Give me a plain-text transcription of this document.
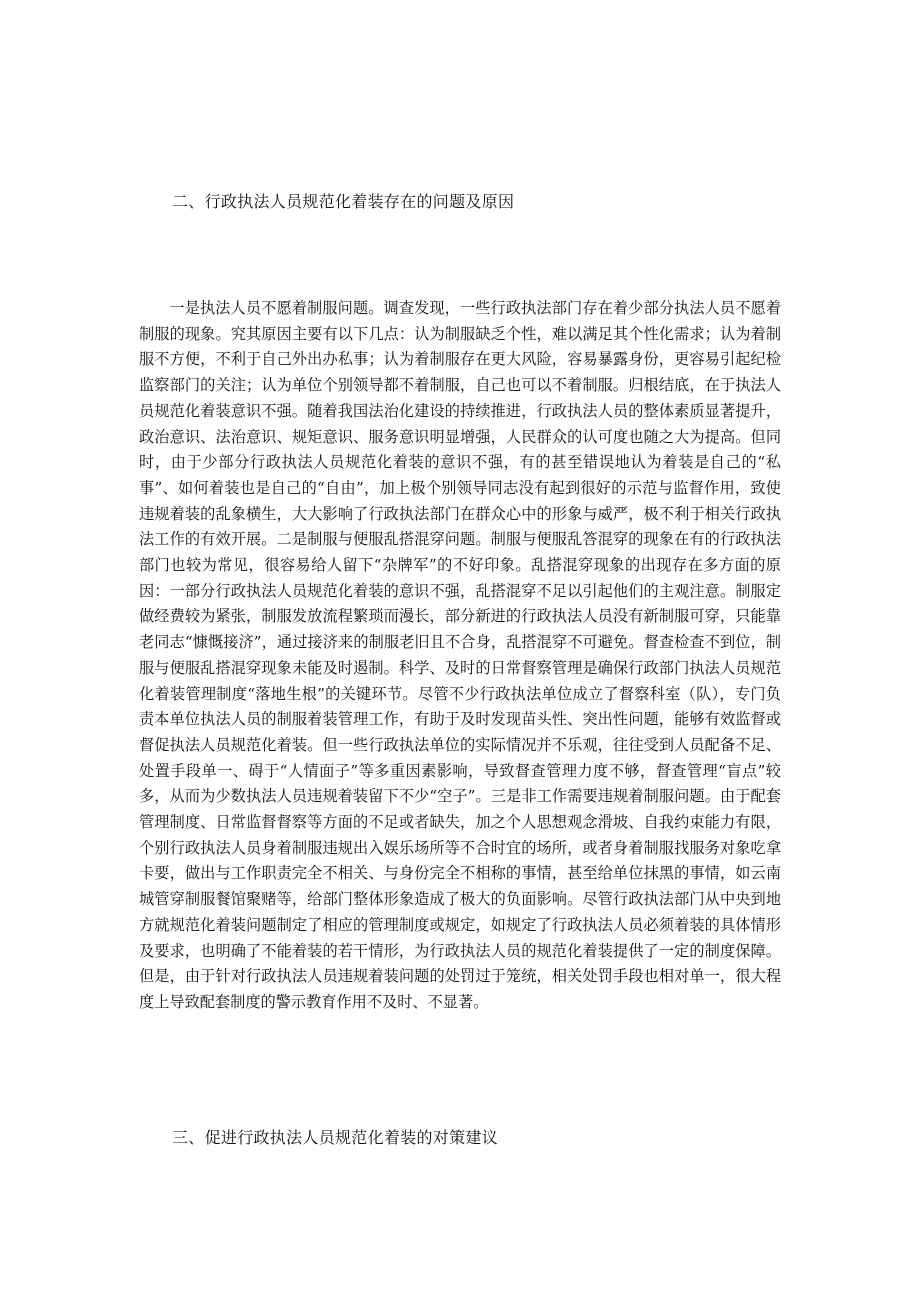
二、行政执法人员规范化着装存在的问题及原因

一是执法人员不愿着制服问题。调查发现，一些行政执法部门存在着少部分执法人员不愿着制服的现象。究其原因主要有以下几点：认为制服缺乏个性，难以满足其个性化需求；认为着制服不方便，不利于自己外出办私事；认为着制服存在更大风险，容易暴露身份，更容易引起纪检监察部门的关注；认为单位个别领导都不着制服，自己也可以不着制服。归根结底，在于执法人员规范化着装意识不强。随着我国法治化建设的持续推进，行政执法人员的整体素质显著提升，政治意识、法治意识、规矩意识、服务意识明显增强，人民群众的认可度也随之大为提高。但同时，由于少部分行政执法人员规范化着装的意识不强，有的甚至错误地认为着装是自己的“私事”、如何着装也是自己的“自由”，加上极个别领导同志没有起到很好的示范与监督作用，致使违规着装的乱象横生，大大影响了行政执法部门在群众心中的形象与威严，极不利于相关行政执法工作的有效开展。二是制服与便服乱搭混穿问题。制服与便服乱答混穿的现象在有的行政执法部门也较为常见，很容易给人留下“杂牌军”的不好印象。乱搭混穿现象的出现存在多方面的原因：一部分行政执法人员规范化着装的意识不强，乱搭混穿不足以引起他们的主观注意。制服定做经费较为紧张，制服发放流程繁琐而漫长，部分新进的行政执法人员没有新制服可穿，只能靠老同志“慷慨接济”，通过接济来的制服老旧且不合身，乱搭混穿不可避免。督查检查不到位，制服与便服乱搭混穿现象未能及时遏制。科学、及时的日常督察管理是确保行政部门执法人员规范化着装管理制度“落地生根”的关键环节。尽管不少行政执法单位成立了督察科室（队），专门负责本单位执法人员的制服着装管理工作，有助于及时发现苗头性、突出性问题，能够有效监督或督促执法人员规范化着装。但一些行政执法单位的实际情况并不乐观，往往受到人员配备不足、处置手段单一、碍于“人情面子”等多重因素影响，导致督查管理力度不够，督查管理“盲点”较多，从而为少数执法人员违规着装留下不少“空子”。三是非工作需要违规着制服问题。由于配套管理制度、日常监督督察等方面的不足或者缺失，加之个人思想观念滑坡、自我约束能力有限，个别行政执法人员身着制服违规出入娱乐场所等不合时宜的场所，或者身着制服找服务对象吃拿卡要，做出与工作职责完全不相关、与身份完全不相称的事情，甚至给单位抹黑的事情，如云南城管穿制服餐馆聚赌等，给部门整体形象造成了极大的负面影响。尽管行政执法部门从中央到地方就规范化着装问题制定了相应的管理制度或规定，如规定了行政执法人员必须着装的具体情形及要求，也明确了不能着装的若干情形，为行政执法人员的规范化着装提供了一定的制度保障。但是，由于针对行政执法人员违规着装问题的处罚过于笼统，相关处罚手段也相对单一，很大程度上导致配套制度的警示教育作用不及时、不显著。

三、促进行政执法人员规范化着装的对策建议
